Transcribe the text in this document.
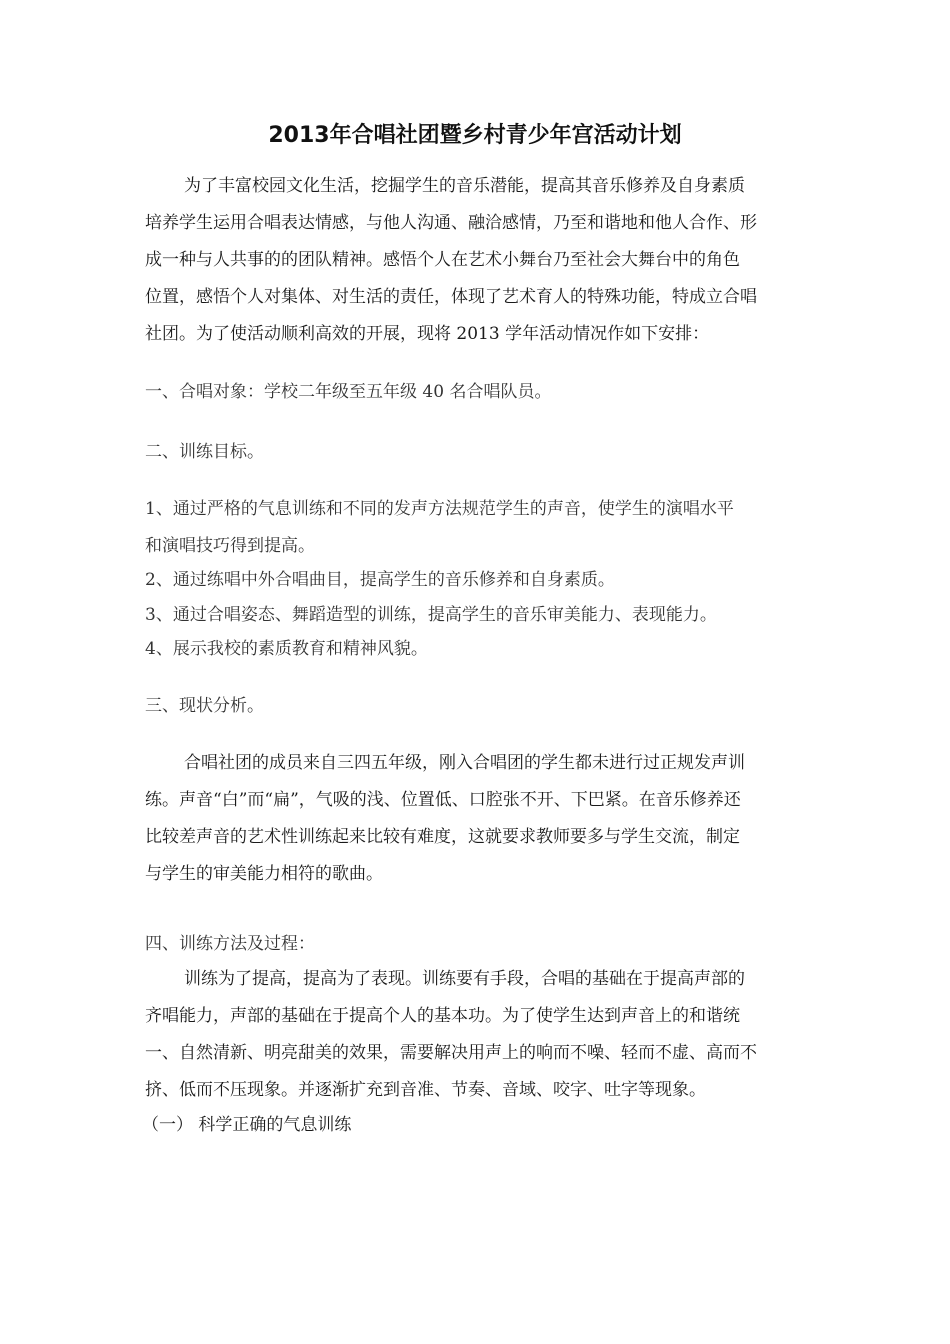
2013年合唱社团暨乡村青少年宫活动计划
为了丰富校园文化生活，挖掘学生的音乐潜能，提高其音乐修养及自身素质
培养学生运用合唱表达情感，与他人沟通、融洽感情，乃至和谐地和他人合作、形
成一种与人共事的的团队精神。感悟个人在艺术小舞台乃至社会大舞台中的角色
位置，感悟个人对集体、对生活的责任，体现了艺术育人的特殊功能，特成立合唱
社团。为了使活动顺利高效的开展，现将 2013 学年活动情况作如下安排：
一、合唱对象：学校二年级至五年级 40 名合唱队员。
二、训练目标。
1、通过严格的气息训练和不同的发声方法规范学生的声音，使学生的演唱水平
和演唱技巧得到提高。
2、通过练唱中外合唱曲目，提高学生的音乐修养和自身素质。
3、通过合唱姿态、舞蹈造型的训练，提高学生的音乐审美能力、表现能力。
4、展示我校的素质教育和精神风貌。
三、现状分析。
合唱社团的成员来自三四五年级，刚入合唱团的学生都未进行过正规发声训
练。声音“白”而“扁”，气吸的浅、位置低、口腔张不开、下巴紧。在音乐修养还
比较差声音的艺术性训练起来比较有难度，这就要求教师要多与学生交流，制定
与学生的审美能力相符的歌曲。
四、训练方法及过程：
训练为了提高，提高为了表现。训练要有手段，合唱的基础在于提高声部的
齐唱能力，声部的基础在于提高个人的基本功。为了使学生达到声音上的和谐统
一、自然清新、明亮甜美的效果，需要解决用声上的响而不噪、轻而不虚、高而不
挤、低而不压现象。并逐渐扩充到音准、节奏、音域、咬字、吐字等现象。
（一） 科学正确的气息训练
